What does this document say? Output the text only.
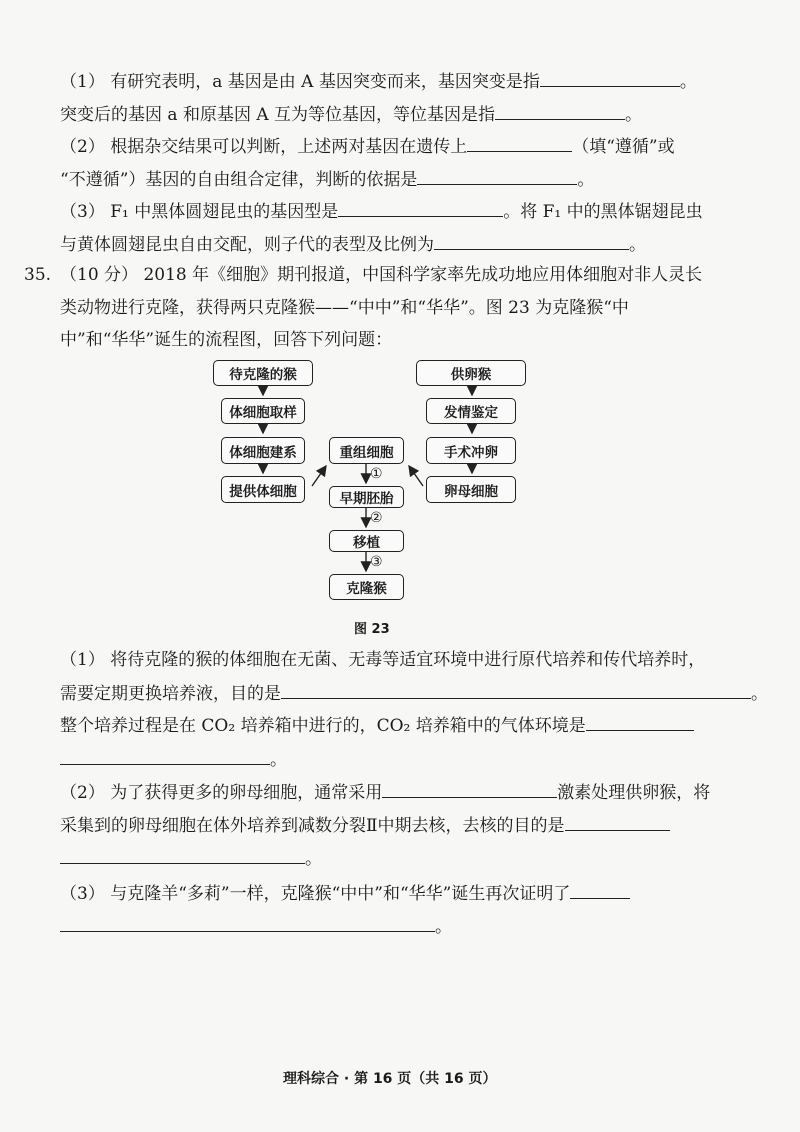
（1） 有研究表明，a 基因是由 A 基因突变而来，基因突变是指	。
突变后的基因 a 和原基因 A 互为等位基因，等位基因是指	。
（2） 根据杂交结果可以判断，上述两对基因在遗传上	（填“遵循”或
“不遵循”）基因的自由组合定律，判断的依据是	。
（3） F₁ 中黑体圆翅昆虫的基因型是	。将 F₁ 中的黑体锯翅昆虫
与黄体圆翅昆虫自由交配，则子代的表型及比例为	。
35. （10 分） 2018 年《细胞》期刊报道，中国科学家率先成功地应用体细胞对非人灵长
类动物进行克隆，获得两只克隆猴——“中中”和“华华”。图 23 为克隆猴“中
中”和“华华”诞生的流程图，回答下列问题：
待克隆的猴
体细胞取样
体细胞建系
提供体细胞
供卵猴
发情鉴定
手术冲卵
卵母细胞
重组细胞
早期胚胎
移植
克隆猴
①
②
③
图 23
（1） 将待克隆的猴的体细胞在无菌、无毒等适宜环境中进行原代培养和传代培养时，
需要定期更换培养液，目的是	。
整个培养过程是在 CO₂ 培养箱中进行的，CO₂ 培养箱中的气体环境是
。
（2） 为了获得更多的卵母细胞，通常采用	激素处理供卵猴，将
采集到的卵母细胞在体外培养到减数分裂Ⅱ中期去核，去核的目的是
。
（3） 与克隆羊“多莉”一样，克隆猴“中中”和“华华”诞生再次证明了
。
理科综合 · 第 16 页（共 16 页）
